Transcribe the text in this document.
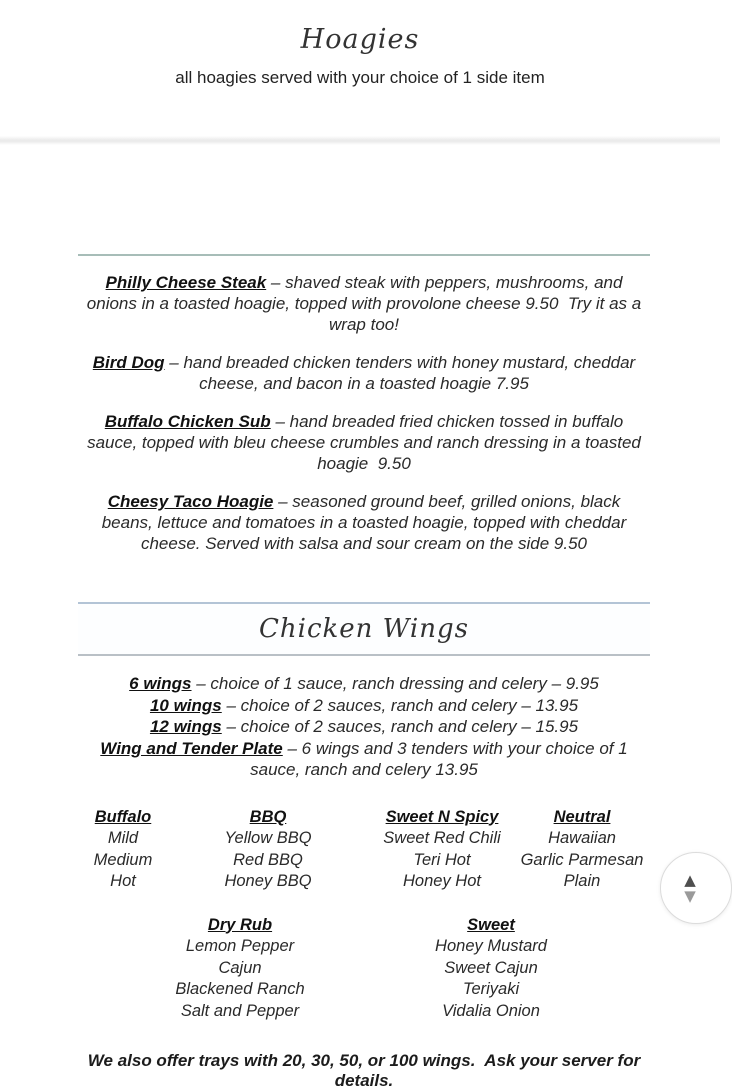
Hoagies
all hoagies served with your choice of 1 side item

Philly Cheese Steak – shaved steak with peppers, mushrooms, and onions in a toasted hoagie, topped with provolone cheese 9.50  Try it as a wrap too!

Bird Dog – hand breaded chicken tenders with honey mustard, cheddar cheese, and bacon in a toasted hoagie 7.95

Buffalo Chicken Sub – hand breaded fried chicken tossed in buffalo sauce, topped with bleu cheese crumbles and ranch dressing in a toasted hoagie  9.50

Cheesy Taco Hoagie – seasoned ground beef, grilled onions, black beans, lettuce and tomatoes in a toasted hoagie, topped with cheddar cheese. Served with salsa and sour cream on the side 9.50

Chicken Wings
6 wings – choice of 1 sauce, ranch dressing and celery – 9.95
10 wings – choice of 2 sauces, ranch and celery – 13.95
12 wings – choice of 2 sauces, ranch and celery – 15.95
Wing and Tender Plate – 6 wings and 3 tenders with your choice of 1 sauce, ranch and celery 13.95
Buffalo

Mild

Medium

Hot

BBQ

Yellow BBQ

Red BBQ

Honey BBQ

Sweet N Spicy

Sweet Red Chili

Teri Hot

Honey Hot

Neutral

Hawaiian

Garlic Parmesan

Plain

Dry Rub

Lemon Pepper

Cajun

Blackened Ranch

Salt and Pepper

Sweet

Honey Mustard

Sweet Cajun

Teriyaki

Vidalia Onion

We also offer trays with 20, 30, 50, or 100 wings.  Ask your server for details.
▲
▼
